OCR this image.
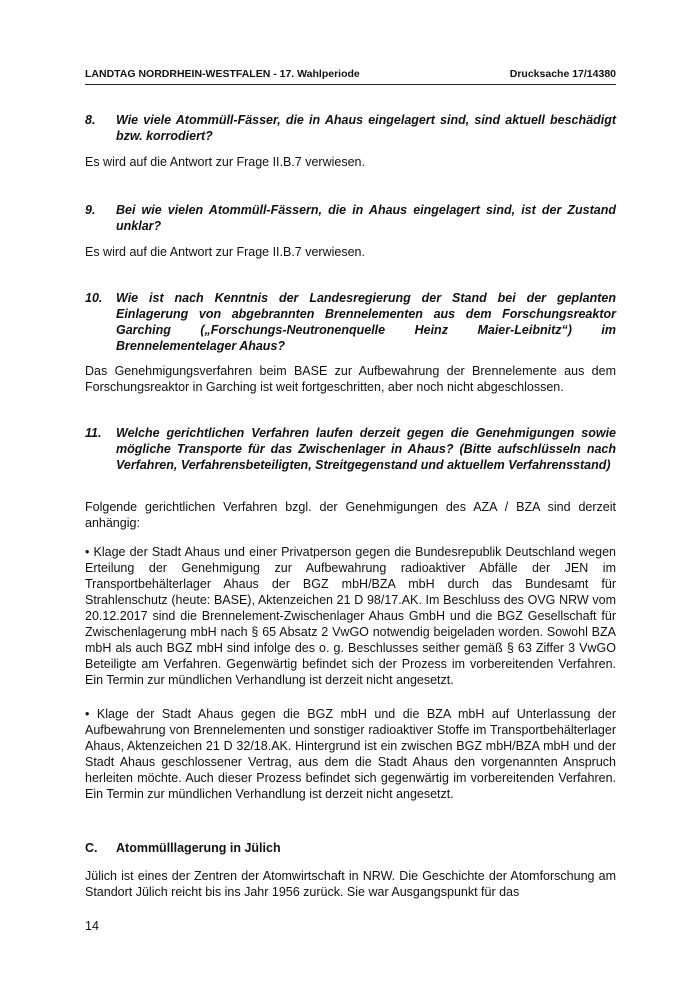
LANDTAG NORDRHEIN-WESTFALEN - 17. Wahlperiode	Drucksache 17/14380
8.	Wie viele Atommüll-Fässer, die in Ahaus eingelagert sind, sind aktuell beschädigt bzw. korrodiert?
Es wird auf die Antwort zur Frage II.B.7 verwiesen.
9.	Bei wie vielen Atommüll-Fässern, die in Ahaus eingelagert sind, ist der Zustand unklar?
Es wird auf die Antwort zur Frage II.B.7 verwiesen.
10.	Wie ist nach Kenntnis der Landesregierung der Stand bei der geplanten Einlagerung von abgebrannten Brennelementen aus dem Forschungsreaktor Garching („Forschungs-Neutronenquelle Heinz Maier-Leibnitz“) im Brennelementelager Ahaus?
Das Genehmigungsverfahren beim BASE zur Aufbewahrung der Brennelemente aus dem Forschungsreaktor in Garching ist weit fortgeschritten, aber noch nicht abgeschlossen.
11.	Welche gerichtlichen Verfahren laufen derzeit gegen die Genehmigungen sowie mögliche Transporte für das Zwischenlager in Ahaus? (Bitte aufschlüsseln nach Verfahren, Verfahrensbeteiligten, Streitgegenstand und aktuellem Verfahrensstand)
Folgende gerichtlichen Verfahren bzgl. der Genehmigungen des AZA / BZA sind derzeit anhängig:
• Klage der Stadt Ahaus und einer Privatperson gegen die Bundesrepublik Deutschland wegen Erteilung der Genehmigung zur Aufbewahrung radioaktiver Abfälle der JEN im Transportbehälterlager Ahaus der BGZ mbH/BZA mbH durch das Bundesamt für Strahlenschutz (heute: BASE), Aktenzeichen 21 D 98/17.AK. Im Beschluss des OVG NRW vom 20.12.2017 sind die Brennelement-Zwischenlager Ahaus GmbH und die BGZ Gesellschaft für Zwischenlagerung mbH nach § 65 Absatz 2 VwGO notwendig beigeladen worden. Sowohl BZA mbH als auch BGZ mbH sind infolge des o. g. Beschlusses seither gemäß § 63 Ziffer 3 VwGO Beteiligte am Verfahren. Gegenwärtig befindet sich der Prozess im vorbereitenden Verfahren. Ein Termin zur mündlichen Verhandlung ist derzeit nicht angesetzt.
• Klage der Stadt Ahaus gegen die BGZ mbH und die BZA mbH auf Unterlassung der Aufbewahrung von Brennelementen und sonstiger radioaktiver Stoffe im Transportbehälterlager Ahaus, Aktenzeichen 21 D 32/18.AK. Hintergrund ist ein zwischen BGZ mbH/BZA mbH und der Stadt Ahaus geschlossener Vertrag, aus dem die Stadt Ahaus den vorgenannten Anspruch herleiten möchte. Auch dieser Prozess befindet sich gegenwärtig im vorbereitenden Verfahren. Ein Termin zur mündlichen Verhandlung ist derzeit nicht angesetzt.
C.	Atommülllagerung in Jülich
Jülich ist eines der Zentren der Atomwirtschaft in NRW. Die Geschichte der Atomforschung am Standort Jülich reicht bis ins Jahr 1956 zurück. Sie war Ausgangspunkt für das
14
